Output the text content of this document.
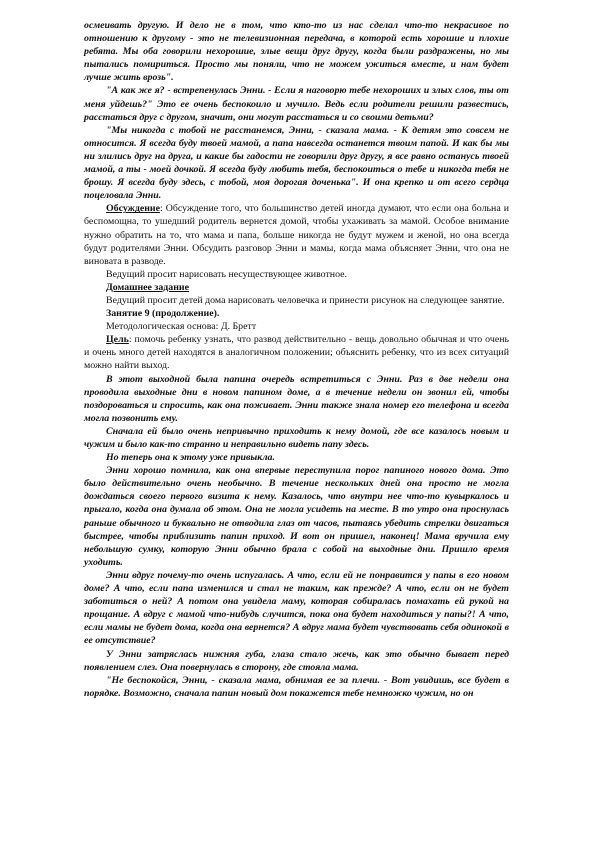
осмеивать другую. И дело не в том, что кто-то из нас сделал что-то некрасивое по отношению к другому - это не телевизионная передача, в которой есть хорошие и плохие ребята. Мы оба говорили нехорошие, злые вещи друг другу, когда были раздражены, но мы пытались помириться. Просто мы поняли, что не можем ужиться вместе, и нам будет лучше жить врозь".

"А как же я? - встрепенулась Энни. - Если я наговорю тебе нехороших и злых слов, ты от меня уйдешь?" Это ее очень беспокоило и мучило. Ведь если родители решили развестись, расстаться друг с другом, значит, они могут расстаться и со своими детьми?

"Мы никогда с тобой не расстанемся, Энни, - сказала мама. - К детям это совсем не относится. Я всегда буду твоей мамой, а папа навсегда останется твоим папой. И как бы мы ни злились друг на друга, и какие бы гадости не говорили друг другу, я все равно останусь твоей мамой, а ты - моей дочкой. Я всегда буду любить тебя, беспокоиться о тебе и никогда тебя не брошу. Я всегда буду здесь, с тобой, моя дорогая доченька". И она крепко и от всего сердца поцеловала Энни.

Обсуждение: Обсуждение того, что большинство детей иногда думают, что если она больна и беспомощна, то ушедший родитель вернется домой, чтобы ухаживать за мамой. Особое внимание нужно обратить на то, что мама и папа, больше никогда не будут мужем и женой, но она всегда будут родителями Энни. Обсудить разговор Энни и мамы, когда мама объясняет Энни, что она не виновата в разводе.

Ведущий просит нарисовать несуществующее животное.

Домашнее задание

Ведущий просит детей дома нарисовать человечка и принести рисунок на следующее занятие.

Занятие 9 (продолжение).

Методологическая основа: Д. Бретт

Цель: помочь ребенку узнать, что развод действительно - вещь довольно обычная и что очень и очень много детей находятся в аналогичном положении; объяснить ребенку, что из всех ситуаций можно найти выход.

В этот выходной была папина очередь встретиться с Энни. Раз в две недели она проводила выходные дни в новом папином доме, а в течение недели он звонил ей, чтобы поздороваться и спросить, как она поживает. Энни также знала номер его телефона и всегда могла позвонить ему.

Сначала ей было очень непривычно приходить к нему домой, где все казалось новым и чужим и было как-то странно и неправильно видеть папу здесь.

Но теперь она к этому уже привыкла.

Энни хорошо помнила, как она впервые переступила порог папиного нового дома. Это было действительно очень необычно. В течение нескольких дней она просто не могла дождаться своего первого визита к нему. Казалось, что внутри нее что-то кувыркалось и прыгало, когда она думала об этом. Она не могла усидеть на месте. В то утро она проснулась раньше обычного и буквально не отводила глаз от часов, пытаясь убедить стрелки двигаться быстрее, чтобы приблизить папин приход. И вот он пришел, наконец! Мама вручила ему небольшую сумку, которую Энни обычно брала с собой на выходные дни. Пришло время уходить.

Энни вдруг почему-то очень испугалась. А что, если ей не понравится у папы в его новом доме? А что, если папа изменился и стал не таким, как прежде? А что, если он не будет заботиться о ней? А потом она увидела маму, которая собиралась помахать ей рукой на прощание. А вдруг с мамой что-нибудь случится, пока она будет находиться у папы?! А что, если мамы не будет дома, когда она вернется? А вдруг мама будет чувствовать себя одинокой в ее отсутствие?

У Энни затряслась нижняя губа, глаза стало жечь, как это обычно бывает перед появлением слез. Она повернулась в сторону, где стояла мама.

"Не беспокойся, Энни, - сказала мама, обнимая ее за плечи. - Вот увидишь, все будет в порядке. Возможно, сначала папин новый дом покажется тебе немножко чужим, но он
